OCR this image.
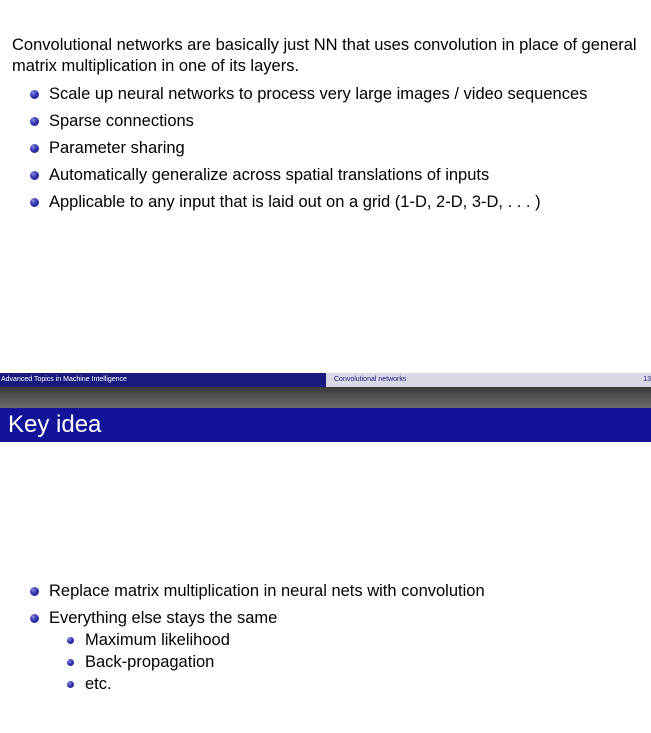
Convolutional networks are basically just NN that uses convolution in place of general matrix multiplication in one of its layers.

Scale up neural networks to process very large images / video sequences
Sparse connections
Parameter sharing
Automatically generalize across spatial translations of inputs
Applicable to any input that is laid out on a grid (1-D, 2-D, 3-D, . . . )
Advanced Topics in Machine Intelligence	Convolutional networks	13
Key idea
Replace matrix multiplication in neural nets with convolution
Everything else stays the same
Maximum likelihood
Back-propagation
etc.
